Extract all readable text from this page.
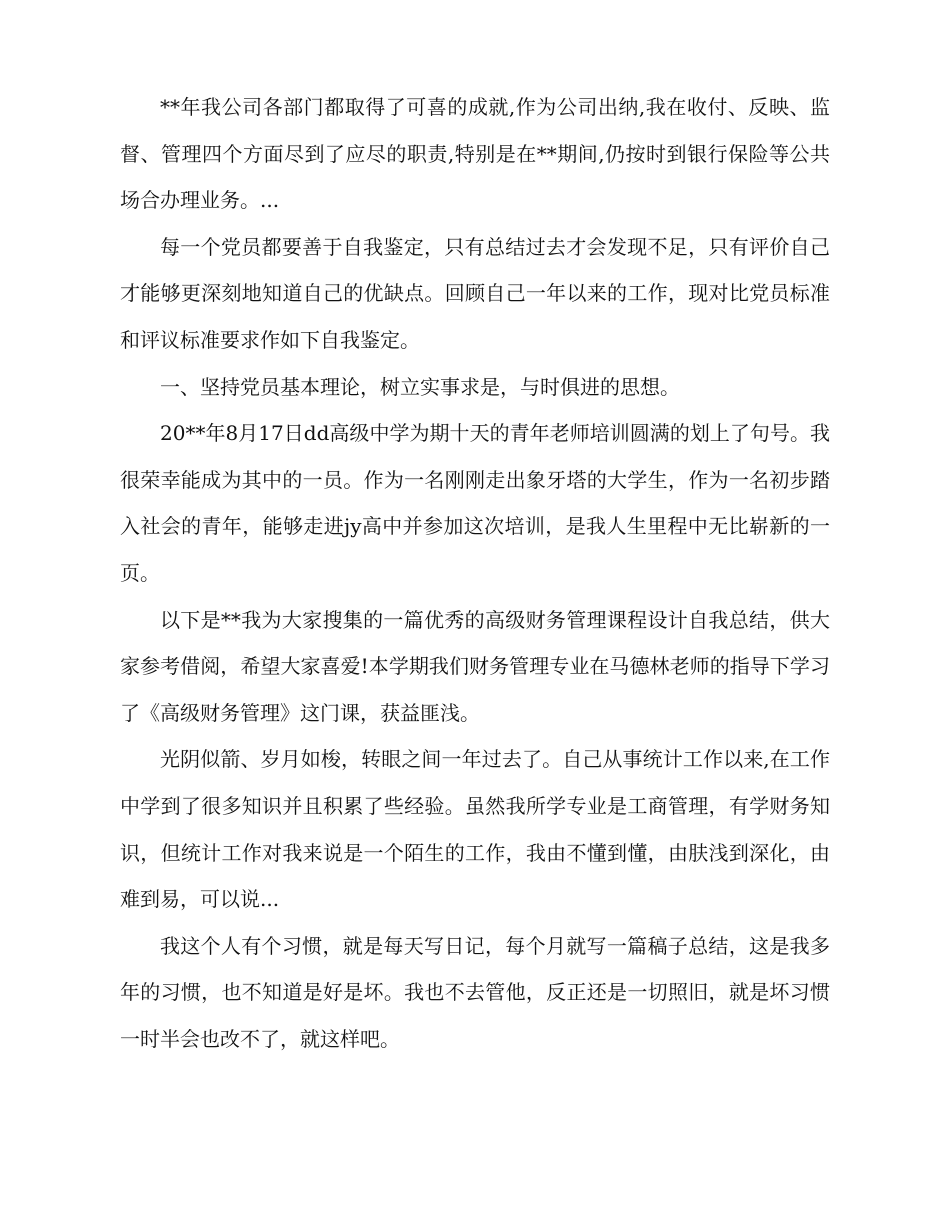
**年我公司各部门都取得了可喜的成就,作为公司出纳,我在收付、反映、监督、管理四个方面尽到了应尽的职责,特别是在**期间,仍按时到银行保险等公共场合办理业务。...

每一个党员都要善于自我鉴定，只有总结过去才会发现不足，只有评价自己才能够更深刻地知道自己的优缺点。回顾自己一年以来的工作，现对比党员标准和评议标准要求作如下自我鉴定。

一、坚持党员基本理论，树立实事求是，与时俱进的思想。

20**年8月17日dd高级中学为期十天的青年老师培训圆满的划上了句号。我很荣幸能成为其中的一员。作为一名刚刚走出象牙塔的大学生，作为一名初步踏入社会的青年，能够走进jy高中并参加这次培训，是我人生里程中无比崭新的一页。

以下是**我为大家搜集的一篇优秀的高级财务管理课程设计自我总结，供大家参考借阅，希望大家喜爱!本学期我们财务管理专业在马德林老师的指导下学习了《高级财务管理》这门课，获益匪浅。

光阴似箭、岁月如梭，转眼之间一年过去了。自己从事统计工作以来,在工作中学到了很多知识并且积累了些经验。虽然我所学专业是工商管理，有学财务知识，但统计工作对我来说是一个陌生的工作，我由不懂到懂，由肤浅到深化，由难到易，可以说...

我这个人有个习惯，就是每天写日记，每个月就写一篇稿子总结，这是我多年的习惯，也不知道是好是坏。我也不去管他，反正还是一切照旧，就是坏习惯一时半会也改不了，就这样吧。
